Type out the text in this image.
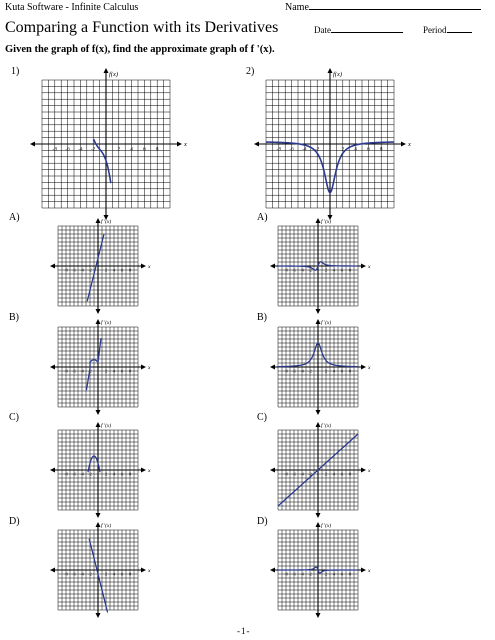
Kuta Software - Infinite Calculus	Name
Comparing a Function with its Derivatives	Date	Period
Given the graph of f(x), find the approximate graph of f '(x).
1)	2)
A)
B)
C)
D)
A)
B)
C)
D)
-8 -6 -4 -2	2 4 6 8
f(x)
x
-8 -6 -4 -2	2 4 6 8
f(x)
x
-8 -6 -4 -2	2 4 6 8
f '(x)
x
-8 -6 -4 -2	2 4 6 8
f '(x)
x
-8 -6 -4 -2	2 4 6 8
f '(x)
x
-8 -6 -4 -2	2 4 6 8
f '(x)
x
-8 -6 -4 -2	2 4 6 8
f '(x)
x
-8 -6 -4 -2	2 4 6 8
f '(x)
x
-8 -6 -4 -2	2 4 6 8
f '(x)
x
-8 -6 -4 -2	2 4 6 8
f '(x)
x
-1-
